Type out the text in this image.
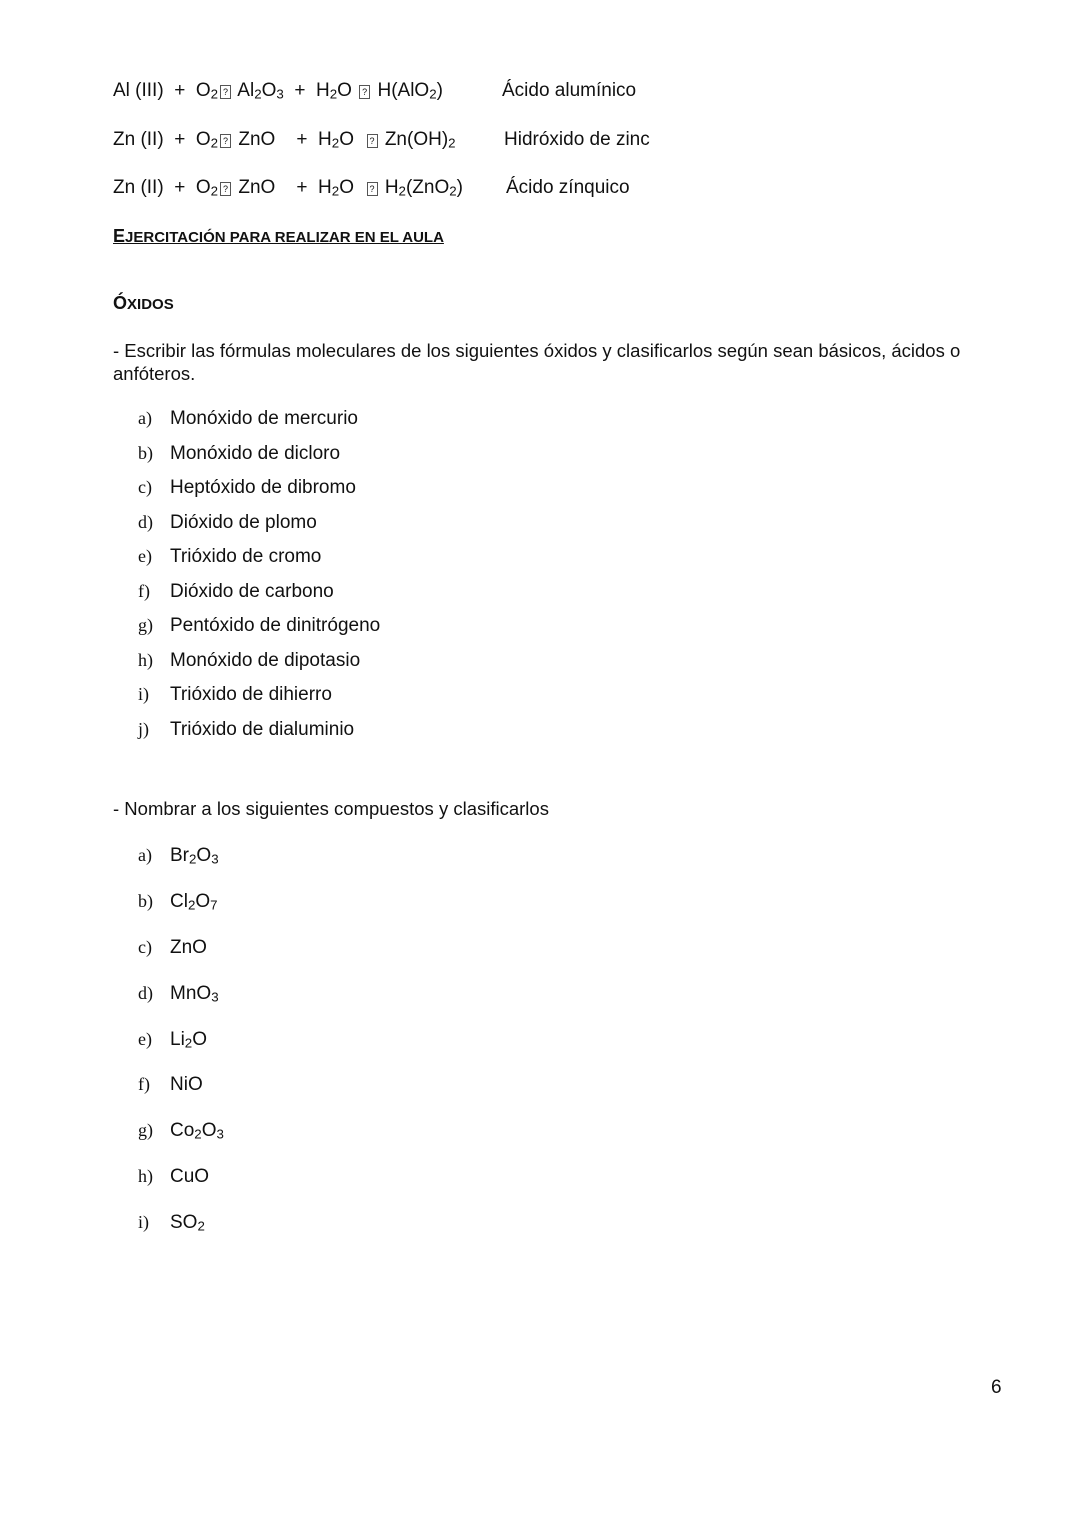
Al $(III) + O_2$ ? $Al_2O_3 + H_2O$ ? H(AlO$_2$)	Ácido alumínico
Zn $(II) + O_2$ ? ZnO    +  $H_2O$  ? $Zn(OH)_2$	Hidróxido de zinc
Zn $(II) + O_2$ ? ZnO    +  $H_2O$  ? $H_2(ZnO_2)$ Ácido zínquico
EJERCITACIÓN PARA REALIZAR EN EL AULA
ÓXIDOS
- Escribir las fórmulas moleculares de los siguientes óxidos y clasificarlos según sean básicos, ácidos o anfóteros.
a) Monóxido de mercurio
b) Monóxido de dicloro
c) Heptóxido de dibromo
d) Dióxido de plomo
e) Trióxido de cromo
f) Dióxido de carbono
g) Pentóxido de dinitrógeno
h) Monóxido de dipotasio
i) Trióxido de dihierro
j) Trióxido de dialuminio
- Nombrar a los siguientes compuestos y clasificarlos
a) $Br_2O_3$
b) $Cl_2O_7$
c) ZnO
d) MnO$_3$
e) $Li_2O$
f) NiO
g) $Co_2O_3$
h) CuO
i) $SO_2$
6
